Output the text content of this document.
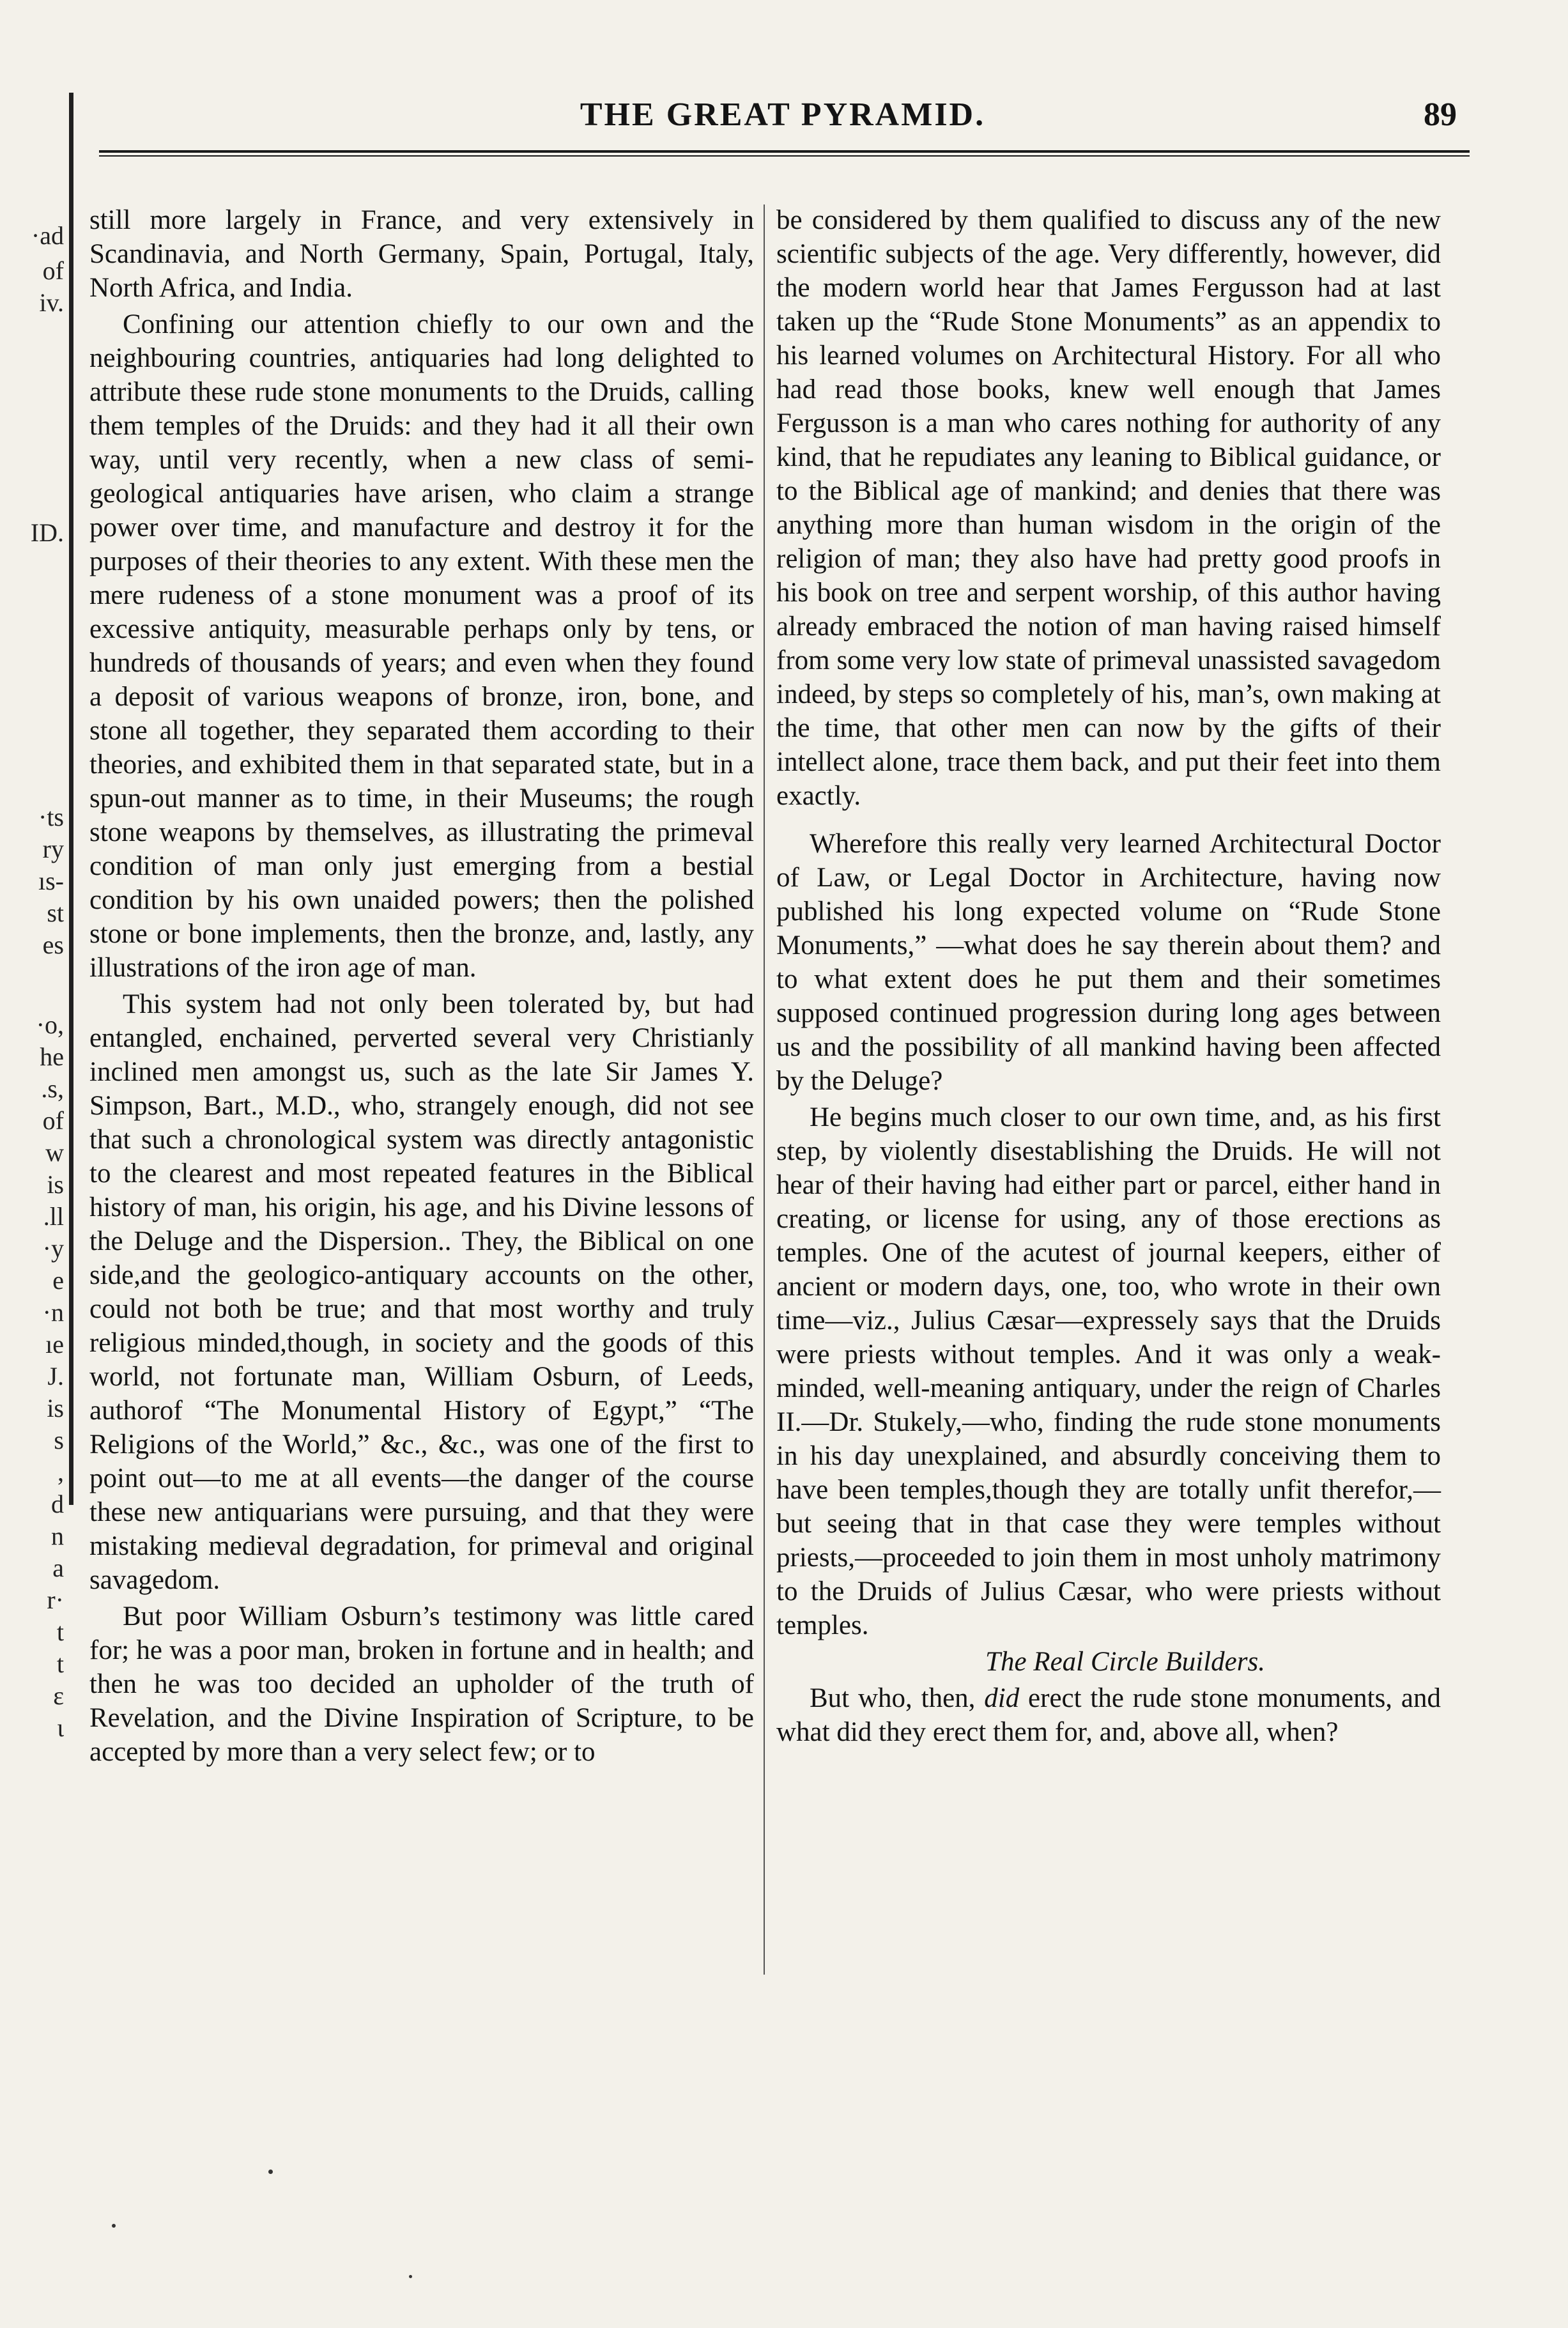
·ad
of
iv.
ID.
·ts
ry
ıs-
st
es
·o,
he
.s,
of
w
is
.ll
·y
e
·n
ıe
J.
is
s
,
d
n
a
r·
t
t
ɛ
ι
THE GREAT PYRAMID.	89

still more largely in France, and very extensively in Scandinavia, and North Germany, Spain, Portugal, Italy, North Africa, and India.

Confining our attention chiefly to our own and the neighbouring countries, antiquaries had long delighted to attribute these rude stone monuments to the Druids, calling them temples of the Druids: and they had it all their own way, until very recently, when a new class of semi-geological antiquaries have arisen, who claim a strange power over time, and manufacture and destroy it for the purposes of their theories to any extent. With these men the mere rudeness of a stone monument was a proof of its excessive antiquity, measurable perhaps only by tens, or hundreds of thousands of years; and even when they found a deposit of various weapons of bronze, iron, bone, and stone all together, they separated them according to their theories, and exhibited them in that separated state, but in a spun-out manner as to time, in their Museums; the rough stone weapons by themselves, as illustrating the primeval condition of man only just emerging from a bestial condition by his own unaided powers; then the polished stone or bone implements, then the bronze, and, lastly, any illustrations of the iron age of man.

This system had not only been tolerated by, but had entangled, enchained, perverted several very Christianly inclined men amongst us, such as the late Sir James Y. Simpson, Bart., M.D., who, strangely enough, did not see that such a chronological system was directly antagonistic to the clearest and most repeated features in the Biblical history of man, his origin, his age, and his Divine lessons of the Deluge and the Dispersion.. They, the Biblical on one side,and the geologico-antiquary accounts on the other, could not both be true; and that most worthy and truly religious minded,though, in society and the goods of this world, not fortunate man, William Osburn, of Leeds, authorof “The Monumental History of Egypt,” “The Religions of the World,” &c., &c., was one of the first to point out—to me at all events—the danger of the course these new antiquarians were pursuing, and that they were mistaking medieval degradation, for primeval and original savagedom.

But poor William Osburn’s testimony was little cared for; he was a poor man, broken in fortune and in health; and then he was too decided an upholder of the truth of Revelation, and the Divine Inspiration of Scripture, to be accepted by more than a very select few; or to

be considered by them qualified to discuss any of the new scientific subjects of the age. Very differently, however, did the modern world hear that James Fergusson had at last taken up the “Rude Stone Monuments” as an appendix to his learned volumes on Architectural History. For all who had read those books, knew well enough that James Fergusson is a man who cares nothing for authority of any kind, that he repudiates any leaning to Biblical guidance, or to the Biblical age of mankind; and denies that there was anything more than human wisdom in the origin of the religion of man; they also have had pretty good proofs in his book on tree and serpent worship, of this author having already embraced the notion of man having raised himself from some very low state of primeval unassisted savagedom indeed, by steps so completely of his, man’s, own making at the time, that other men can now by the gifts of their intellect alone, trace them back, and put their feet into them exactly.

Wherefore this really very learned Architectural Doctor of Law, or Legal Doctor in Architecture, having now published his long expected volume on “Rude Stone Monuments,” —what does he say therein about them? and to what extent does he put them and their sometimes supposed continued progression during long ages between us and the possibility of all mankind having been affected by the Deluge?

He begins much closer to our own time, and, as his first step, by violently disestablishing the Druids. He will not hear of their having had either part or parcel, either hand in creating, or license for using, any of those erections as temples. One of the acutest of journal keepers, either of ancient or modern days, one, too, who wrote in their own time—viz., Julius Cæsar—expressely says that the Druids were priests without temples. And it was only a weak-minded, well-meaning antiquary, under the reign of Charles II.—Dr. Stukely,—who, finding the rude stone monuments in his day unexplained, and absurdly conceiving them to have been temples,though they are totally unfit therefor,—but seeing that in that case they were temples without priests,—proceeded to join them in most unholy matrimony to the Druids of Julius Cæsar, who were priests without temples.

The Real Circle Builders.

But who, then, did erect the rude stone monuments, and what did they erect them for, and, above all, when?
